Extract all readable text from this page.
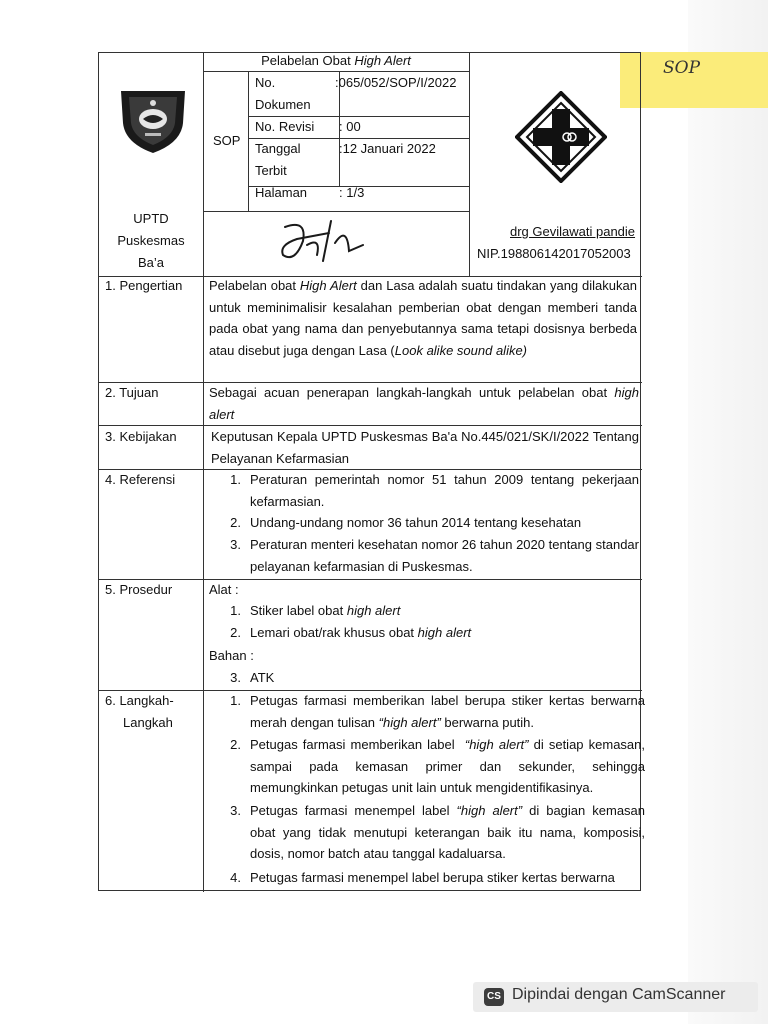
SOP
Pelabelan Obat High Alert
SOP
No.
Dokumen
:065/052/SOP/I/2022
No. Revisi : 00
Tanggal
Terbit
:12 Januari 2022
Halaman : 1/3
UPTD
Puskesmas
Ba’a
drg Gevilawati pandie
NIP.198806142017052003
1. Pengertian Pelabelan obat High Alert dan Lasa adalah suatu tindakan yang dilakukan untuk meminimalisir kesalahan pemberian obat dengan memberi tanda pada obat yang nama dan penyebutannya sama tetapi dosisnya berbeda atau disebut juga dengan Lasa (Look alike sound alike)
2. Tujuan	Sebagai acuan penerapan langkah-langkah untuk pelabelan obat high alert
3. Kebijakan	Keputusan Kepala UPTD Puskesmas Ba'a No.445/021/SK/I/2022 Tentang Pelayanan Kefarmasian
4. Referensi	1. Peraturan pemerintah nomor 51 tahun 2009 tentang pekerjaan kefarmasian.
2. Undang-undang nomor 36 tahun 2014 tentang kesehatan
3. Peraturan menteri kesehatan nomor 26 tahun 2020 tentang standar pelayanan kefarmasian di Puskesmas.
5. Prosedur	Alat :
1. Stiker label obat high alert
2. Lemari obat/rak khusus obat high alert
Bahan :
3. ATK
6. Langkah-
Langkah
1. Petugas farmasi memberikan label berupa stiker kertas berwarna merah dengan tulisan “high alert” berwarna putih.
2. Petugas farmasi memberikan label  “high alert” di setiap kemasan, sampai pada kemasan primer dan sekunder, sehingga memungkinkan petugas unit lain untuk mengidentifikasinya.
3. Petugas farmasi menempel label “high alert” di bagian kemasan obat yang tidak menutupi keterangan baik itu nama, komposisi, dosis, nomor batch atau tanggal kadaluarsa.
4. Petugas farmasi menempel label berupa stiker kertas berwarna
CS Dipindai dengan CamScanner
